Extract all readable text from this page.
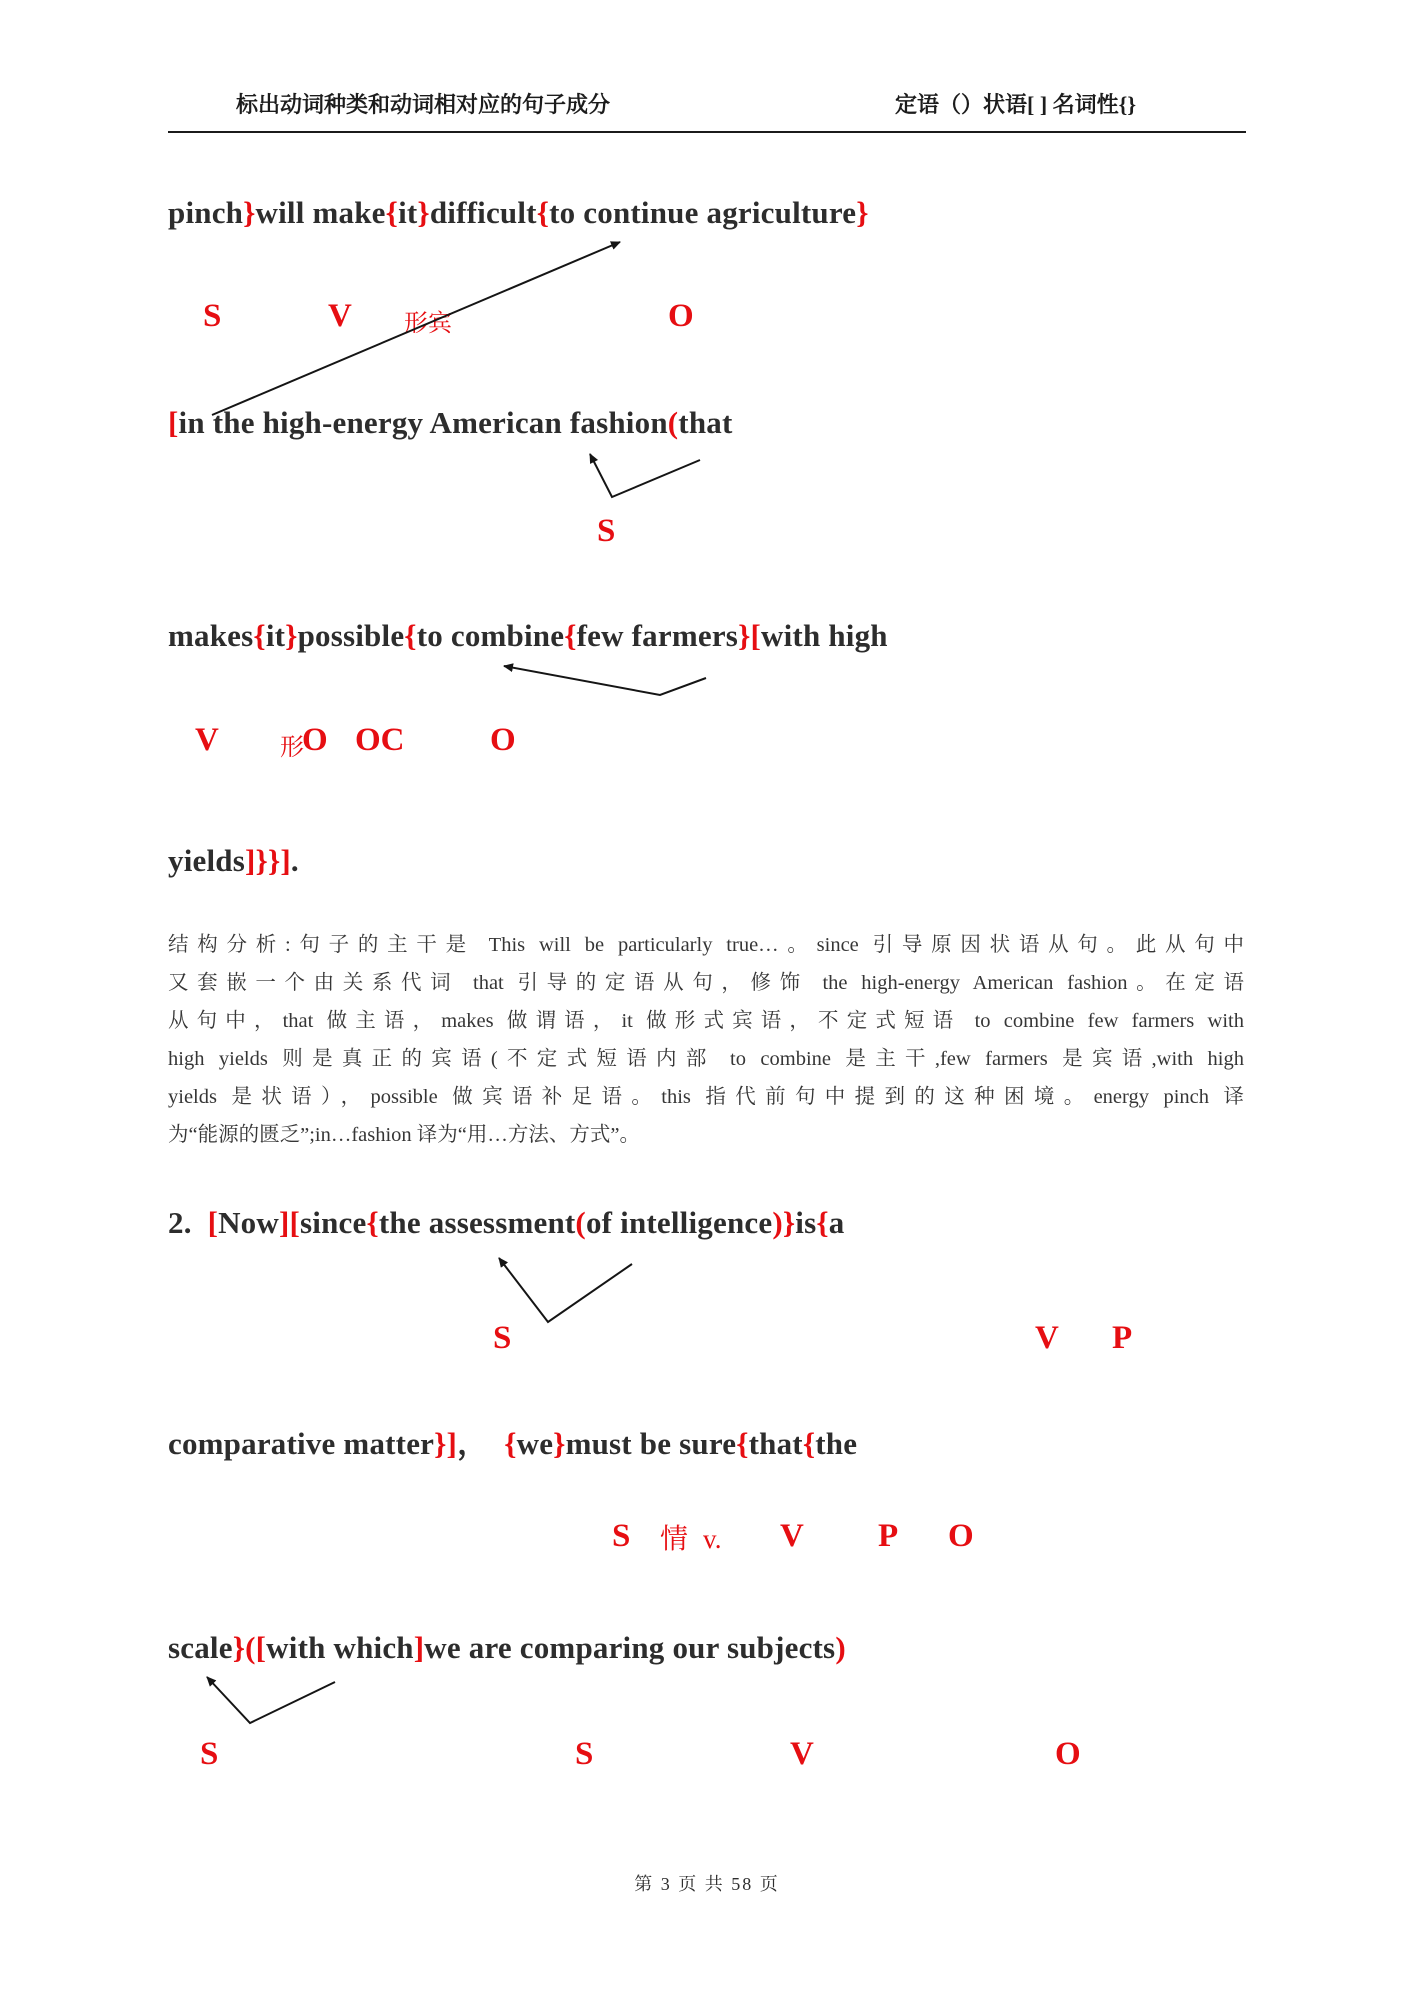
标出动词种类和动词相对应的句子成分	定语（）状语[ ] 名词性{}
pinch}will make{it}difficult{to continue agriculture}
[in the high-energy American fashion(that
makes{it}possible{to combine{few farmers}[with high
yields]}}].
2.  [Now][since{the assessment(of intelligence)}is{a
comparative matter}]，  {we}must be sure{that{the
scale}([with which]we are comparing our subjects)
S	V 形宾	O
S
V	形
O OC	O
S	V P
S 情 v. V P O
S	S	V	O
结构分析:句子的主干是 This will be particularly true…。since 引导原因状语从句。此从句中
又套嵌一个由关系代词 that 引导的定语从句，修饰 the high-energy American fashion。在定语
从句中，that 做主语，makes 做谓语，it 做形式宾语，不定式短语 to combine few farmers with
high yields 则是真正的宾语(不定式短语内部 to combine 是主干,few farmers 是宾语,with high
yields 是状语），possible 做宾语补足语。this 指代前句中提到的这种困境。energy pinch 译
为“能源的匮乏”;in…fashion 译为“用…方法、方式”。
第 3 页 共 58 页
